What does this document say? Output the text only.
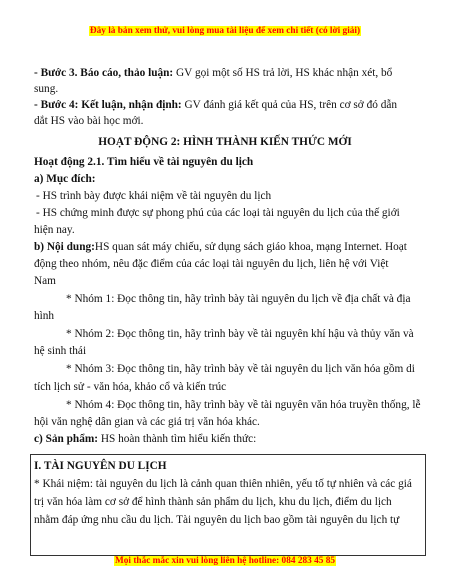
Đây là bản xem thử, vui lòng mua tài liệu để xem chi tiết (có lời giải)
- Bước 3. Báo cáo, thảo luận: GV gọi một số HS trả lời, HS khác nhận xét, bổ
sung.
- Bước 4: Kết luận, nhận định: GV đánh giá kết quả của HS, trên cơ sở đó dẫn
dắt HS vào bài học mới.
HOẠT ĐỘNG 2: HÌNH THÀNH KIẾN THỨC MỚI
Hoạt động 2.1. Tìm hiểu về tài nguyên du lịch
a) Mục đích:
- HS trình bày được khái niệm về tài nguyên du lịch
- HS chứng minh được sự phong phú của các loại tài nguyên du lịch của thế giới
hiện nay.
b) Nội dung:HS quan sát máy chiếu, sử dụng sách giáo khoa, mạng Internet. Hoạt
động theo nhóm, nêu đặc điểm của các loại tài nguyên du lịch, liên hệ với Việt
Nam
* Nhóm 1: Đọc thông tin, hãy trình bày tài nguyên du lịch về địa chất và địa
hình
* Nhóm 2: Đọc thông tin, hãy trình bày về tài nguyên khí hậu và thủy văn và
hệ sinh thái
* Nhóm 3: Đọc thông tin, hãy trình bày về tài nguyên du lịch văn hóa gồm di
tích lịch sử - văn hóa, khảo cổ và kiến trúc
* Nhóm 4: Đọc thông tin, hãy trình bày về tài nguyên văn hóa truyền thống, lễ
hội văn nghệ dân gian và các giá trị văn hóa khác.
c) Sản phẩm: HS hoàn thành tìm hiểu kiến thức:
I. TÀI NGUYÊN DU LỊCH
* Khái niệm: tài nguyên du lịch là cảnh quan thiên nhiên, yếu tố tự nhiên và các giá
trị văn hóa làm cơ sở để hình thành sản phẩm du lịch, khu du lịch, điểm du lịch
nhằm đáp ứng nhu cầu du lịch. Tài nguyên du lịch bao gồm tài nguyên du lịch tự
Mọi thắc mắc xin vui lòng liên hệ hotline: 084 283 45 85
